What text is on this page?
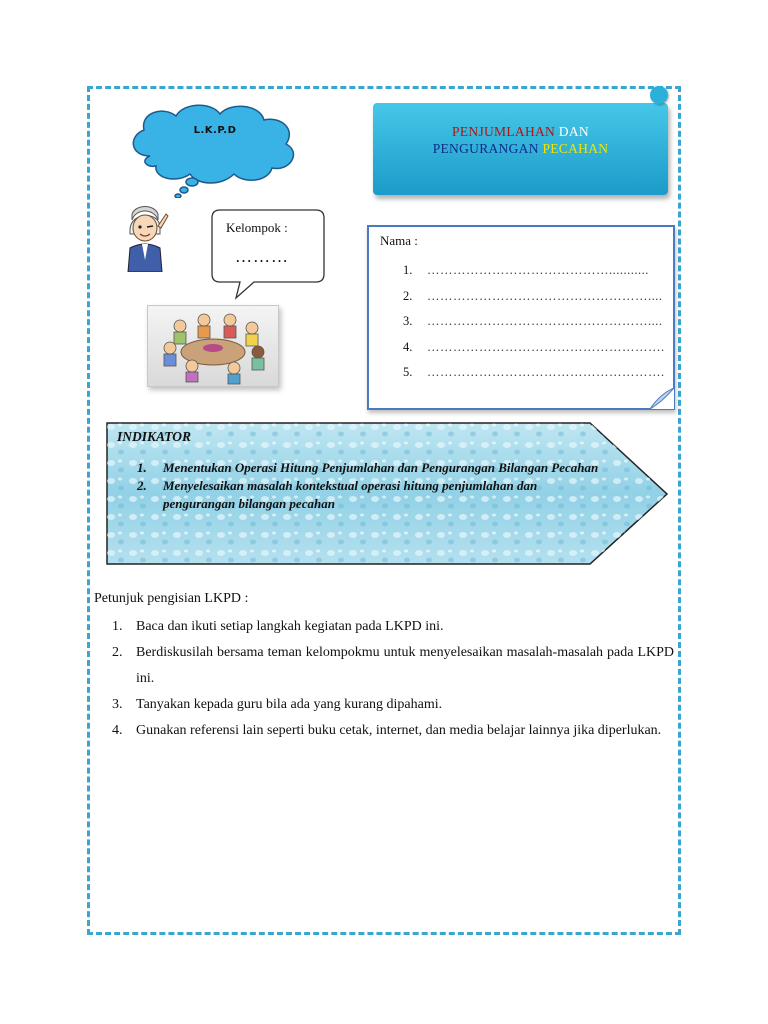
L.K.P.D
Kelompok :
………
PENJUMLAHAN DAN
PENGURANGAN PECAHAN
Nama :
1.	……………………………………...........
2.	……………………………………………....
3.	……………………………………………....
4.	……………………………………………….
5.	……………………………………………….
INDIKATOR
1.	Menentukan Operasi Hitung Penjumlahan dan Pengurangan Bilangan Pecahan
2.	Menyelesaikan masalah kontekstual operasi hitung penjumlahan dan pengurangan bilangan pecahan
Petunjuk pengisian LKPD :
1. Baca dan ikuti setiap langkah kegiatan pada LKPD ini.
2. Berdiskusilah bersama teman kelompokmu untuk menyelesaikan masalah-masalah pada LKPD ini.
3. Tanyakan kepada guru bila ada yang kurang dipahami.
4. Gunakan referensi lain seperti buku cetak, internet, dan media belajar lainnya jika diperlukan.
